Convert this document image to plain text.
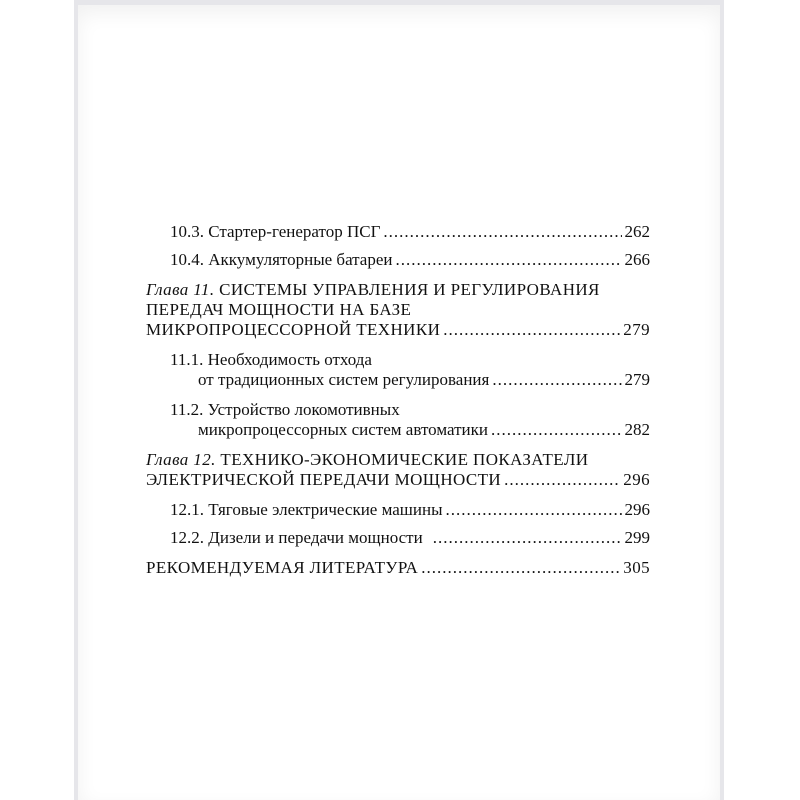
10.3. Стартер-генератор ПСГ .....	262
10.4. Аккумуляторные батареи .....	266
Глава 11. СИСТЕМЫ УПРАВЛЕНИЯ И РЕГУЛИРОВАНИЯ
ПЕРЕДАЧ МОЩНОСТИ НА БАЗЕ
МИКРОПРОЦЕССОРНОЙ ТЕХНИКИ .....	279
11.1. Необходимость отхода
от традиционных систем регулирования .....	279
11.2. Устройство локомотивных
микропроцессорных систем автоматики .....	282
Глава 12. ТЕХНИКО-ЭКОНОМИЧЕСКИЕ ПОКАЗАТЕЛИ
ЭЛЕКТРИЧЕСКОЙ ПЕРЕДАЧИ МОЩНОСТИ .....	296
12.1. Тяговые электрические машины .....	296
12.2. Дизели и передачи мощности .....	299
РЕКОМЕНДУЕМАЯ ЛИТЕРАТУРА .....	305
